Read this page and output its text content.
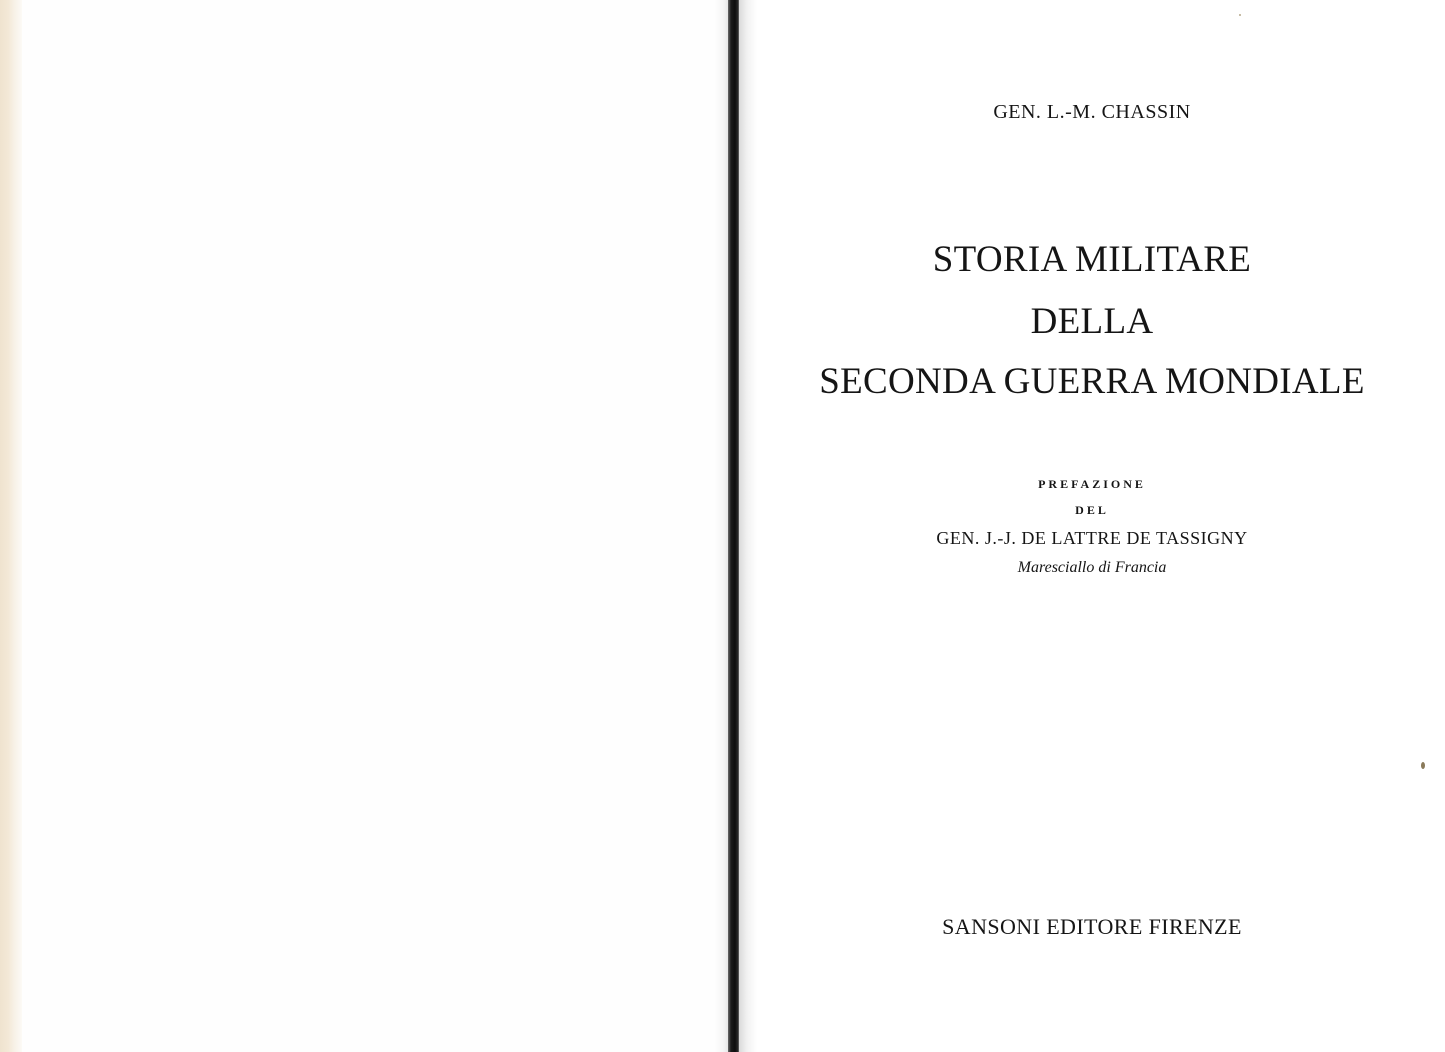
GEN. L.-M. CHASSIN
STORIA MILITARE
DELLA
SECONDA GUERRA MONDIALE
PREFAZIONE
DEL
GEN. J.-J. DE LATTRE DE TASSIGNY
Maresciallo di Francia
SANSONI EDITORE FIRENZE
